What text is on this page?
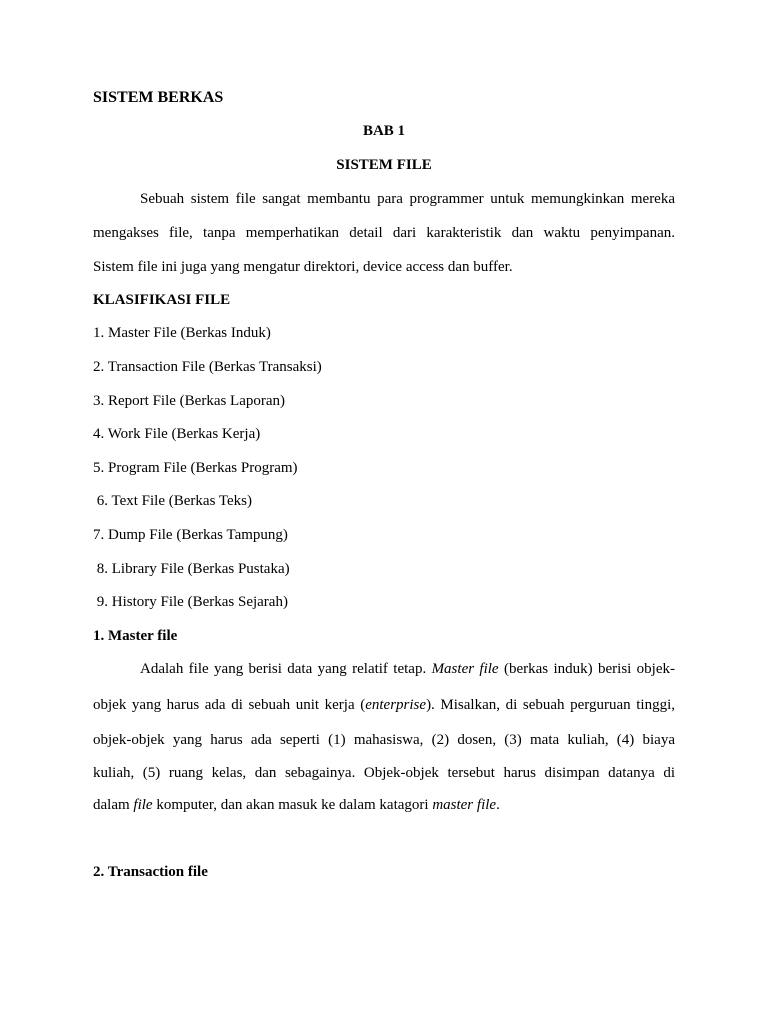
SISTEM BERKAS
BAB 1
SISTEM FILE
Sebuah sistem file sangat membantu para programmer untuk memungkinkan mereka
mengakses file, tanpa memperhatikan detail dari karakteristik dan waktu penyimpanan.
Sistem file ini juga yang mengatur direktori, device access dan buffer.
KLASIFIKASI FILE
1. Master File (Berkas Induk)
2. Transaction File (Berkas Transaksi)
3. Report File (Berkas Laporan)
4. Work File (Berkas Kerja)
5. Program File (Berkas Program)
6. Text File (Berkas Teks)
7. Dump File (Berkas Tampung)
8. Library File (Berkas Pustaka)
9. History File (Berkas Sejarah)
1. Master file
Adalah file yang berisi data yang relatif tetap. Master file (berkas induk) berisi objek-
objek yang harus ada di sebuah unit kerja (enterprise). Misalkan, di sebuah perguruan tinggi,
objek-objek yang harus ada seperti (1) mahasiswa, (2) dosen, (3) mata kuliah, (4) biaya
kuliah, (5) ruang kelas, dan sebagainya. Objek-objek tersebut harus disimpan datanya di
dalam file komputer, dan akan masuk ke dalam katagori master file.
2. Transaction file
